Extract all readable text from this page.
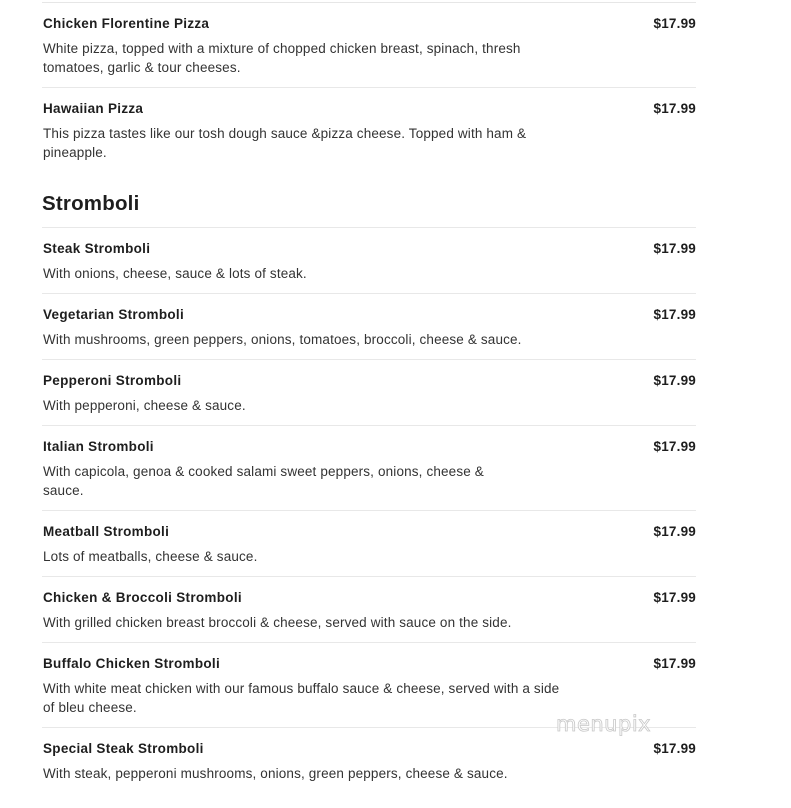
Chicken Florentine Pizza	$17.99
White pizza, topped with a mixture of chopped chicken breast, spinach, thresh tomatoes, garlic & tour cheeses.
Hawaiian Pizza	$17.99
This pizza tastes like our tosh dough sauce &pizza cheese. Topped with ham & pineapple.
Stromboli
Steak Stromboli	$17.99
With onions, cheese, sauce & lots of steak.
Vegetarian Stromboli	$17.99
With mushrooms, green peppers, onions, tomatoes, broccoli, cheese & sauce.
Pepperoni Stromboli	$17.99
With pepperoni, cheese & sauce.
Italian Stromboli	$17.99
With capicola, genoa & cooked salami sweet peppers, onions, cheese & sauce.
Meatball Stromboli	$17.99
Lots of meatballs, cheese & sauce.
Chicken & Broccoli Stromboli	$17.99
With grilled chicken breast broccoli & cheese, served with sauce on the side.
Buffalo Chicken Stromboli	$17.99
With white meat chicken with our famous buffalo sauce & cheese, served with a side of bleu cheese.
Special Steak Stromboli	$17.99
With steak, pepperoni mushrooms, onions, green peppers, cheese & sauce.
menupix
